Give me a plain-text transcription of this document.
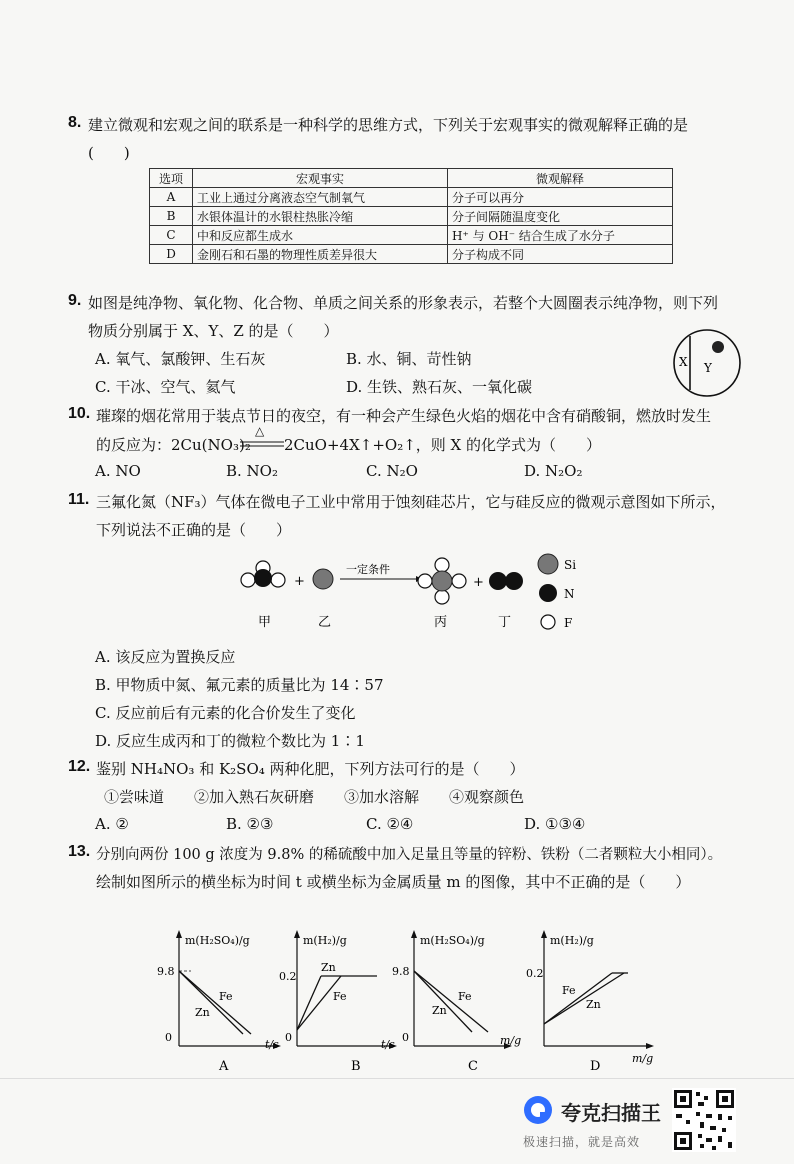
8. 建立微观和宏观之间的联系是一种科学的思维方式，下列关于宏观事实的微观解释正确的是
(　　)
选项	宏观事实	微观解释
A	工业上通过分离液态空气制氧气	分子可以再分
B	水银体温计的水银柱热胀冷缩	分子间隔随温度变化
C	中和反应都生成水	H⁺ 与 OH⁻ 结合生成了水分子
D	金刚石和石墨的物理性质差异很大	分子构成不同
9. 如图是纯净物、氧化物、化合物、单质之间关系的形象表示，若整个大圆圈表示纯净物，则下列
物质分别属于 X、Y、Z 的是（　　）
A. 氧气、氯酸钾、生石灰	B. 水、铜、苛性钠
C. 干冰、空气、氦气	D. 生铁、熟石灰、一氧化碳
X Y
10. 璀璨的烟花常用于装点节日的夜空，有一种会产生绿色火焰的烟花中含有硝酸铜，燃放时发生
的反应为：2Cu(NO₃)₂
△
2CuO+4X↑+O₂↑，则 X 的化学式为（　　）
A. NO	B. NO₂	C. N₂O	D. N₂O₂
11. 三氟化氮（NF₃）气体在微电子工业中常用于蚀刻硅芯片，它与硅反应的微观示意图如下所示，
下列说法不正确的是（　　）
+
一定条件
+
甲	乙	丙	丁
Si
N
F
A. 该反应为置换反应
B. 甲物质中氮、氟元素的质量比为 14∶57
C. 反应前后有元素的化合价发生了变化
D. 反应生成丙和丁的微粒个数比为 1∶1
12. 鉴别 NH₄NO₃ 和 K₂SO₄ 两种化肥，下列方法可行的是（　　）
①尝味道　　②加入熟石灰研磨　　③加水溶解　　④观察颜色
A. ②	B. ②③	C. ②④	D. ①③④
13. 分别向两份 100 g 浓度为 9.8% 的稀硫酸中加入足量且等量的锌粉、铁粉（二者颗粒大小相同）。
绘制如图所示的横坐标为时间 t 或横坐标为金属质量 m 的图像，其中不正确的是（　　）
m(H₂SO₄)/g
9.8
0
t/s
Fe
Zn
A
m(H₂)/g
0.2
0
t/s
Zn
Fe
B
m(H₂SO₄)/g
9.8
0	m/g
Fe
Zn
C
m(H₂)/g
0.2
Fe
Zn
m/g
D
夸克扫描王
极速扫描，就是高效
